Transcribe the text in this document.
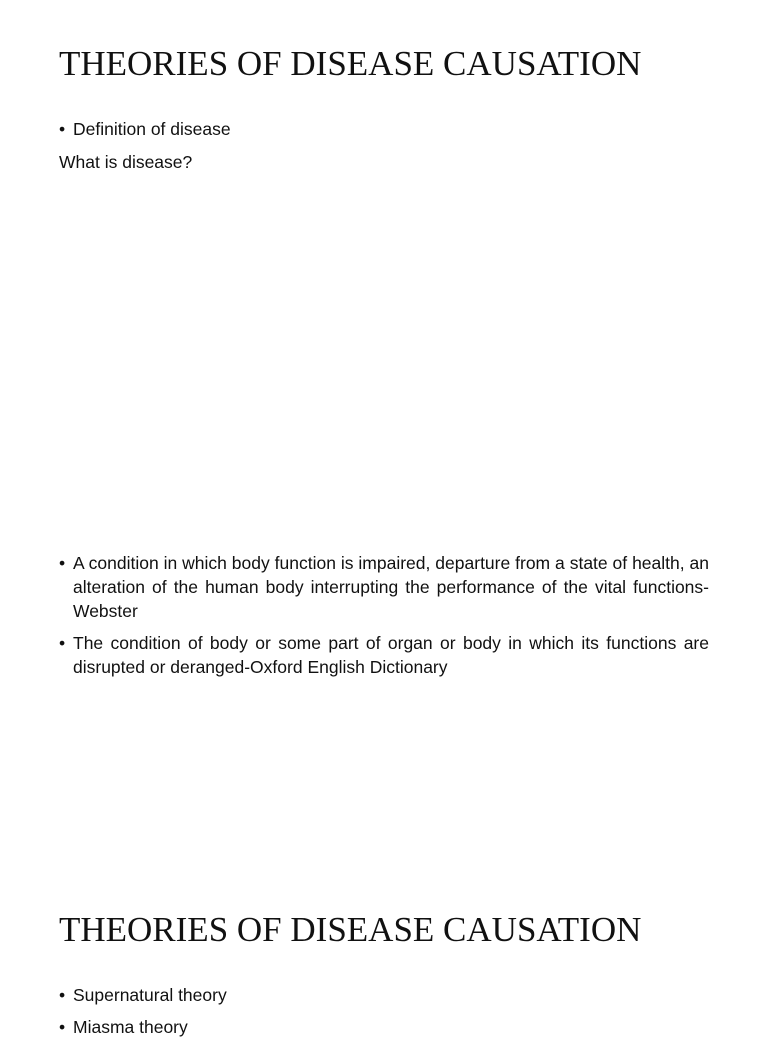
THEORIES OF DISEASE CAUSATION
• Definition of disease

What is disease?

• A condition in which body function is impaired, departure from a state of health, an alteration of the human body interrupting the performance of the vital functions-Webster
• The condition of body or some part of organ or body in which its functions are disrupted or deranged-Oxford English Dictionary
THEORIES OF DISEASE CAUSATION
• Supernatural theory
• Miasma theory
